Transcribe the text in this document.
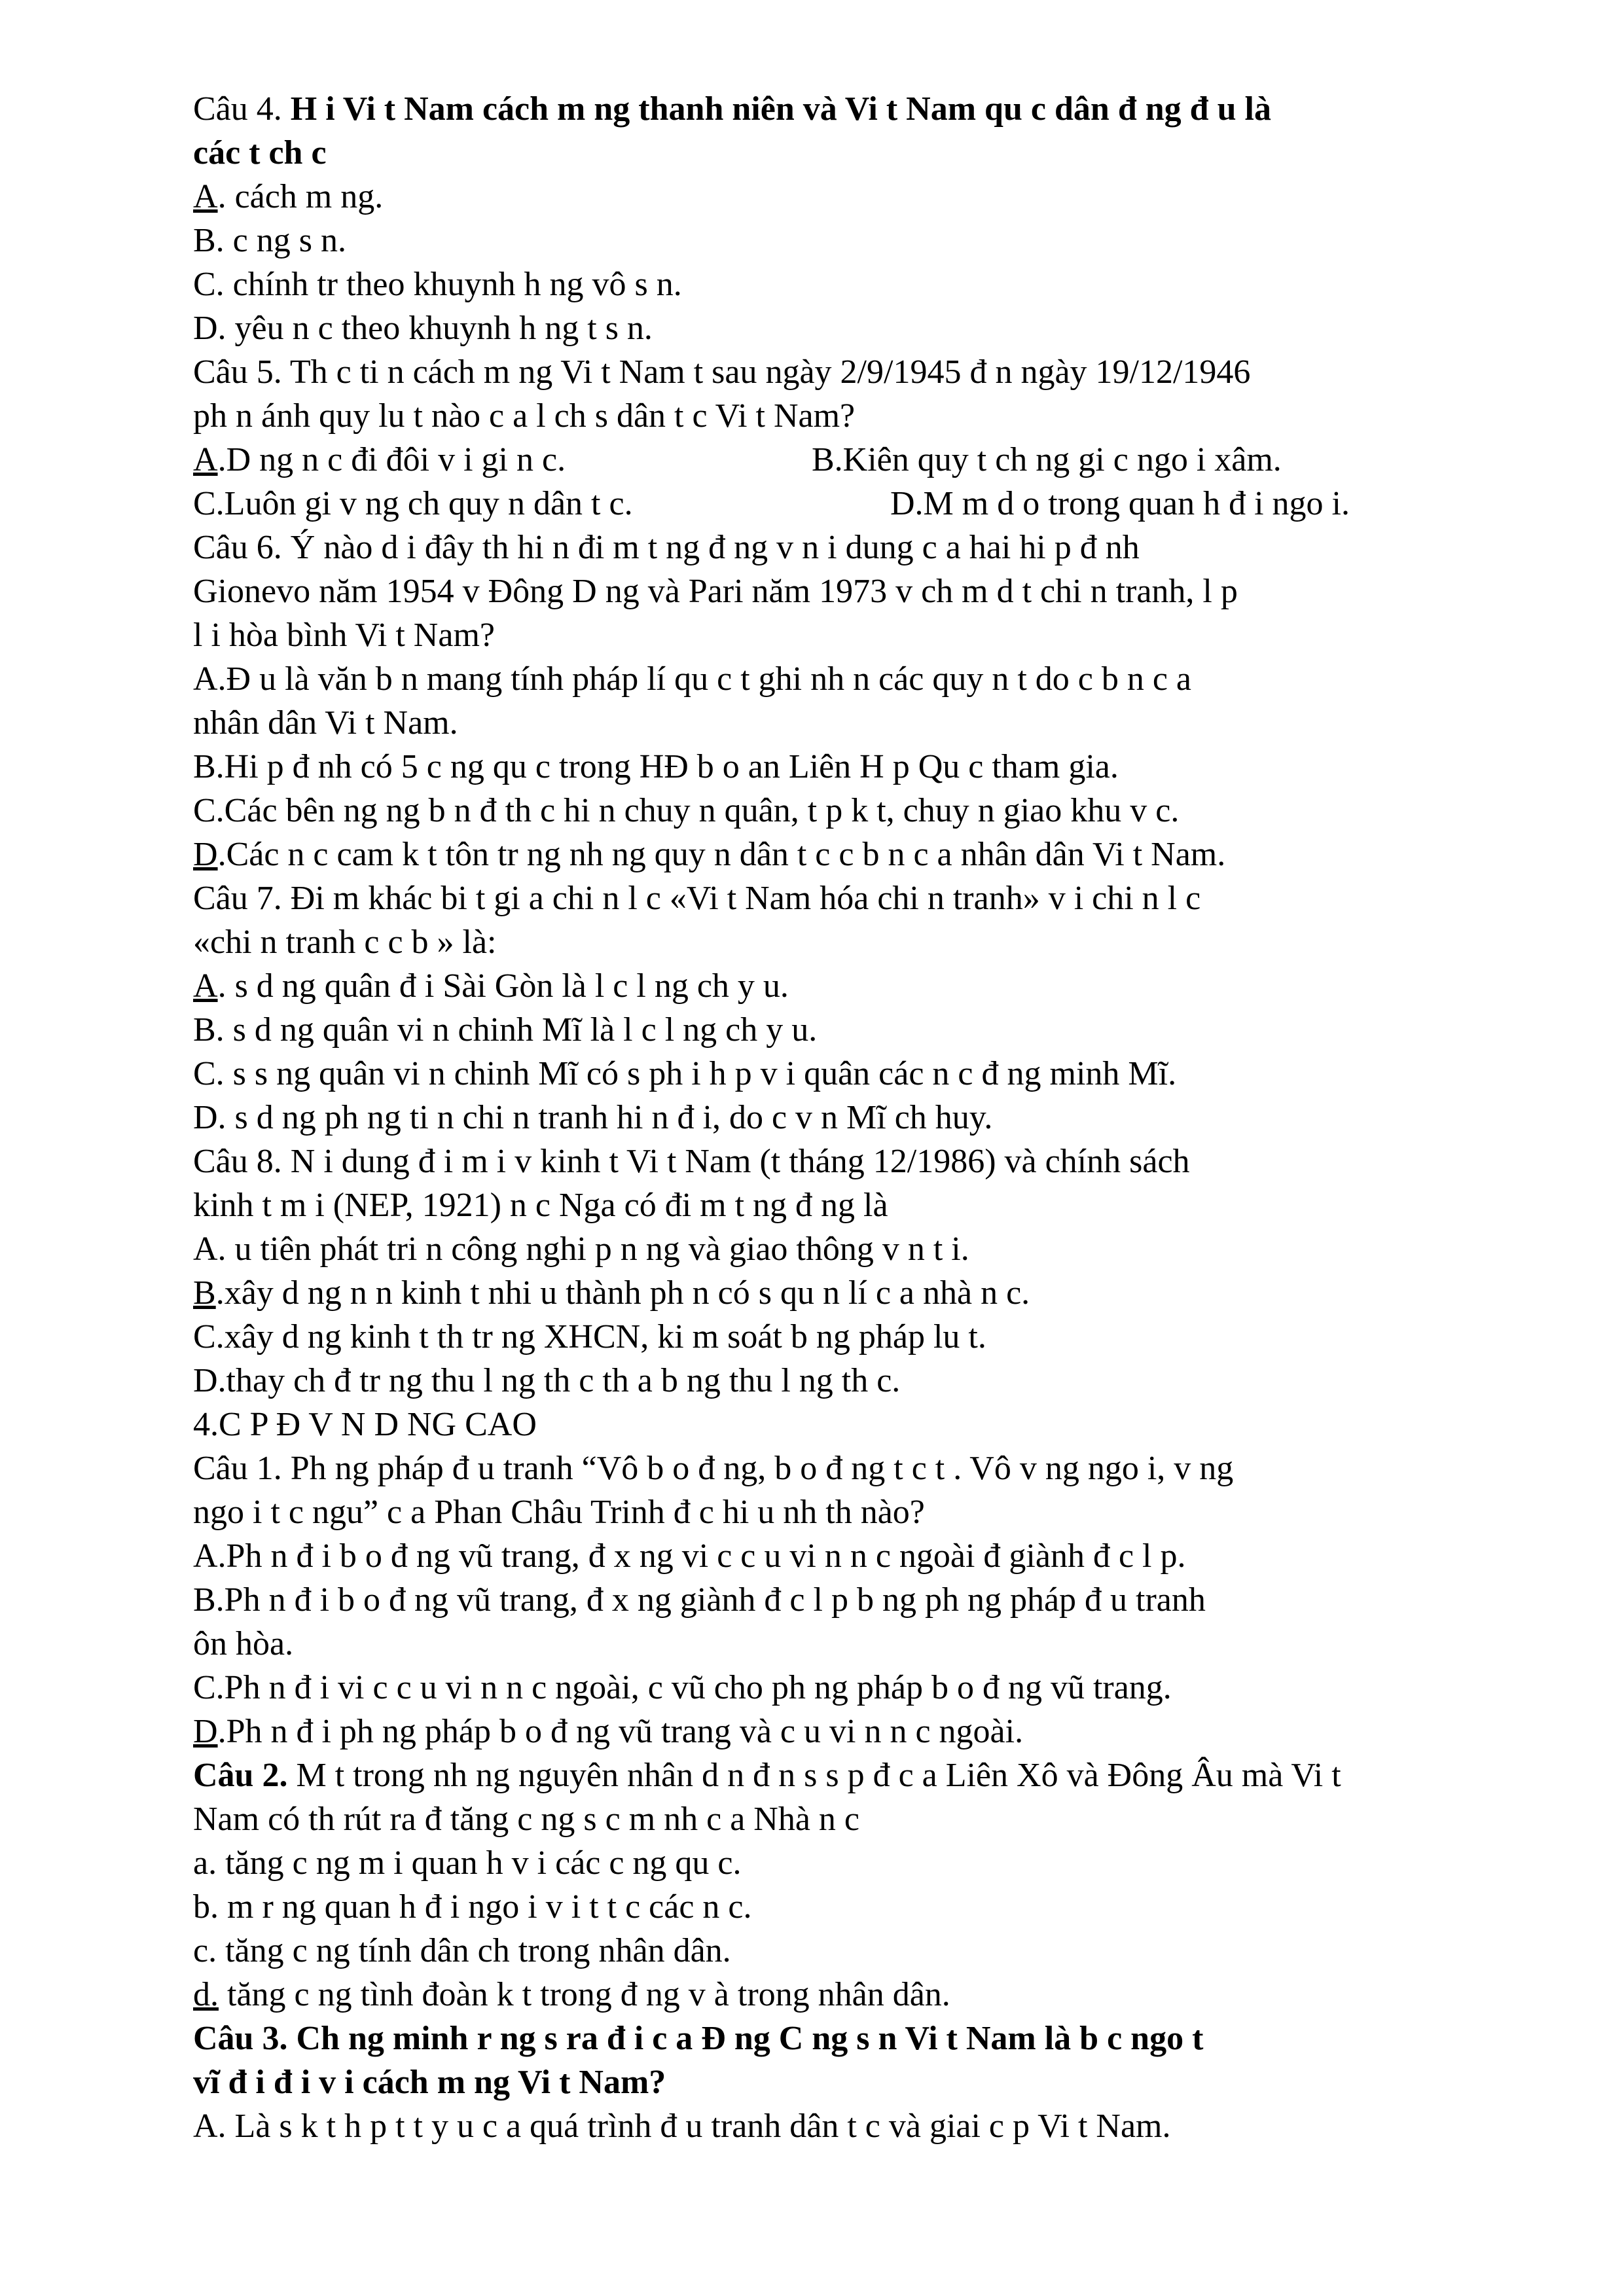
Câu 4. H i Vi t Nam cách m ng thanh niên và Vi t Nam qu c dân đ ng đ u là
các t ch c
A. cách m ng.
B. c ng s n.
C. chính tr theo khuynh h ng vô s n.
D. yêu n c theo khuynh h ng t s n.
Câu 5. Th c ti n cách m ng Vi t Nam t sau ngày 2/9/1945 đ n ngày 19/12/1946
ph n ánh quy lu t nào c a l ch s dân t c Vi t Nam?
A.D ng n c đi đôi v i gi n c.	B.Kiên quy t ch ng gi c ngo i xâm.
C.Luôn gi v ng ch quy n dân t c.	D.M m d o trong quan h đ i ngo i.
Câu 6. Ý nào d i đây th hi n đi m t ng đ ng v n i dung c a hai hi p đ nh
Gionevo năm 1954 v Đông D ng và Pari năm 1973 v ch m d t chi n tranh, l p
l i hòa bình Vi t Nam?
A.Đ u là văn b n mang tính pháp lí qu c t ghi nh n các quy n t do c b n c a
nhân dân Vi t Nam.
B.Hi p đ nh có 5 c ng qu c trong HĐ b o an Liên H p Qu c tham gia.
C.Các bên ng ng b n đ th c hi n chuy n quân, t p k t, chuy n giao khu v c.
D.Các n c cam k t tôn tr ng nh ng quy n dân t c c b n c a nhân dân Vi t Nam.
Câu 7. Đi m khác bi t gi a chi n l c «Vi t Nam hóa chi n tranh» v i chi n l c
«chi n tranh c c b » là:
A. s d ng quân đ i Sài Gòn là l c l ng ch y u.
B. s d ng quân vi n chinh Mĩ là l c l ng ch y u.
C. s s ng quân vi n chinh Mĩ có s ph i h p v i quân các n c đ ng minh Mĩ.
D. s d ng ph ng ti n chi n tranh hi n đ i, do c v n Mĩ ch huy.
Câu 8. N i dung đ i m i v kinh t Vi t Nam (t tháng 12/1986) và chính sách
kinh t m i (NEP, 1921) n c Nga có đi m t ng đ ng là
A. u tiên phát tri n công nghi p n ng và giao thông v n t i.
B.xây d ng n n kinh t nhi u thành ph n có s qu n lí c a nhà n c.
C.xây d ng kinh t th tr ng XHCN, ki m soát b ng pháp lu t.
D.thay ch đ tr ng thu l ng th c th a b ng thu l ng th c.
4.C P Đ V N D NG CAO
Câu 1. Ph ng pháp đ u tranh “Vô b o đ ng, b o đ ng t c t . Vô v ng ngo i, v ng
ngo i t c ngu” c a Phan Châu Trinh đ c hi u nh th nào?
A.Ph n đ i b o đ ng vũ trang, đ x ng vi c c u vi n n c ngoài đ giành đ c l p.
B.Ph n đ i b o đ ng vũ trang, đ x ng giành đ c l p b ng ph ng pháp đ u tranh
ôn hòa.
C.Ph n đ i vi c c u vi n n c ngoài, c vũ cho ph ng pháp b o đ ng vũ trang.
D.Ph n đ i ph ng pháp b o đ ng vũ trang và c u vi n n c ngoài.
Câu 2. M t trong nh ng nguyên nhân d n đ n s s p đ c a Liên Xô và Đông Âu mà Vi t
Nam có th rút ra đ tăng c ng s c m nh c a Nhà n c
a. tăng c ng m i quan h v i các c ng qu c.
b. m r ng quan h đ i ngo i v i t t c các n c.
c. tăng c ng tính dân ch trong nhân dân.
d. tăng c ng tình đoàn k t trong đ ng v à trong nhân dân.
Câu 3. Ch ng minh r ng s ra đ i c a Đ ng C ng s n Vi t Nam là b c ngo t
vĩ đ i đ i v i cách m ng Vi t Nam?
A. Là s k t h p t t y u c a quá trình đ u tranh dân t c và giai c p Vi t Nam.
